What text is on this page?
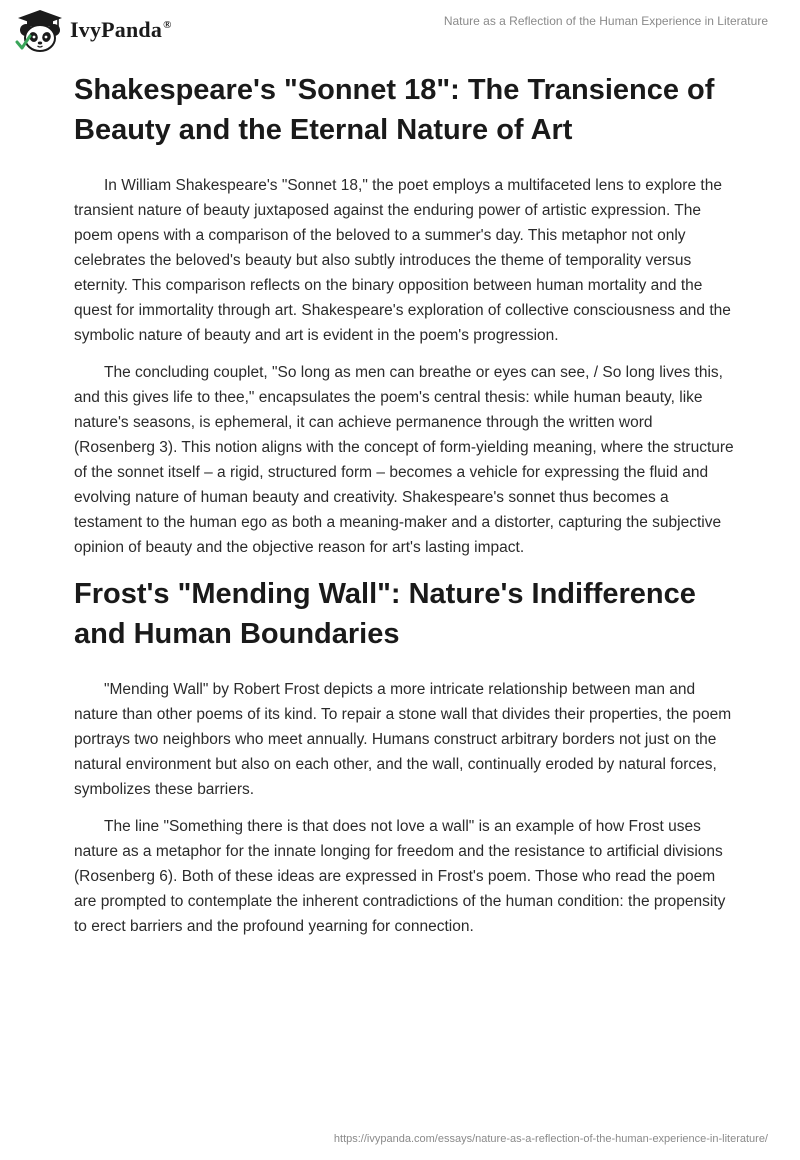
IvyPanda®	Nature as a Reflection of the Human Experience in Literature
Shakespeare's "Sonnet 18": The Transience of Beauty and the Eternal Nature of Art

In William Shakespeare's "Sonnet 18," the poet employs a multifaceted lens to explore the transient nature of beauty juxtaposed against the enduring power of artistic expression. The poem opens with a comparison of the beloved to a summer's day. This metaphor not only celebrates the beloved's beauty but also subtly introduces the theme of temporality versus eternity. This comparison reflects on the binary opposition between human mortality and the quest for immortality through art. Shakespeare's exploration of collective consciousness and the symbolic nature of beauty and art is evident in the poem's progression.

The concluding couplet, "So long as men can breathe or eyes can see, / So long lives this, and this gives life to thee," encapsulates the poem's central thesis: while human beauty, like nature's seasons, is ephemeral, it can achieve permanence through the written word (Rosenberg 3). This notion aligns with the concept of form-yielding meaning, where the structure of the sonnet itself – a rigid, structured form – becomes a vehicle for expressing the fluid and evolving nature of human beauty and creativity. Shakespeare's sonnet thus becomes a testament to the human ego as both a meaning-maker and a distorter, capturing the subjective opinion of beauty and the objective reason for art's lasting impact.

Frost's "Mending Wall": Nature's Indifference and Human Boundaries

"Mending Wall" by Robert Frost depicts a more intricate relationship between man and nature than other poems of its kind. To repair a stone wall that divides their properties, the poem portrays two neighbors who meet annually. Humans construct arbitrary borders not just on the natural environment but also on each other, and the wall, continually eroded by natural forces, symbolizes these barriers.

The line "Something there is that does not love a wall" is an example of how Frost uses nature as a metaphor for the innate longing for freedom and the resistance to artificial divisions (Rosenberg 6). Both of these ideas are expressed in Frost's poem. Those who read the poem are prompted to contemplate the inherent contradictions of the human condition: the propensity to erect barriers and the profound yearning for connection.

https://ivypanda.com/essays/nature-as-a-reflection-of-the-human-experience-in-literature/
